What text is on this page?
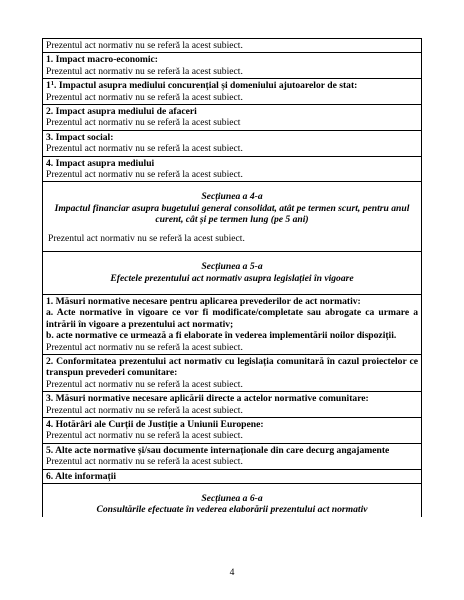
Prezentul act normativ nu se referă la acest subiect.

1. Impact macro-economic:
Prezentul act normativ nu se referă la acest subiect.

$1^1$. Impactul asupra mediului concurențial și domeniului ajutoarelor de stat:
Prezentul act normativ nu se referă la acest subiect.

2. Impact asupra mediului de afaceri
Prezentul act normativ nu se referă la acest subiect

3. Impact social:
Prezentul act normativ nu se referă la acest subiect.

4. Impact asupra mediului
Prezentul act normativ nu se referă la acest subiect.

Secțiunea a 4-a
Impactul financiar asupra bugetului general consolidat, atât pe termen scurt, pentru anul curent, cât și pe termen lung (pe 5 ani)
Prezentul act normativ nu se referă la acest subiect.

Secțiunea a 5-a
Efectele prezentului act normativ asupra legislației în vigoare

1. Măsuri normative necesare pentru aplicarea prevederilor de act normativ:
a. Acte normative în vigoare ce vor fi modificate/completate sau abrogate ca urmare a intrării în vigoare a prezentului act normativ;
b. acte normative ce urmează a fi elaborate în vederea implementării noilor dispoziții.
Prezentul act normativ nu se referă la acest subiect.

2. Conformitatea prezentului act normativ cu legislația comunitară în cazul proiectelor ce transpun prevederi comunitare:
Prezentul act normativ nu se referă la acest subiect.

3. Măsuri normative necesare aplicării directe a actelor normative comunitare:
Prezentul act normativ nu se referă la acest subiect.

4. Hotărâri ale Curții de Justiție a Uniunii Europene:
Prezentul act normativ nu se referă la acest subiect.

5. Alte acte normative și/sau documente internaționale din care decurg angajamente
Prezentul act normativ nu se referă la acest subiect.

6. Alte informații

Secțiunea a 6-a
Consultările efectuate în vederea elaborării prezentului act normativ
4
